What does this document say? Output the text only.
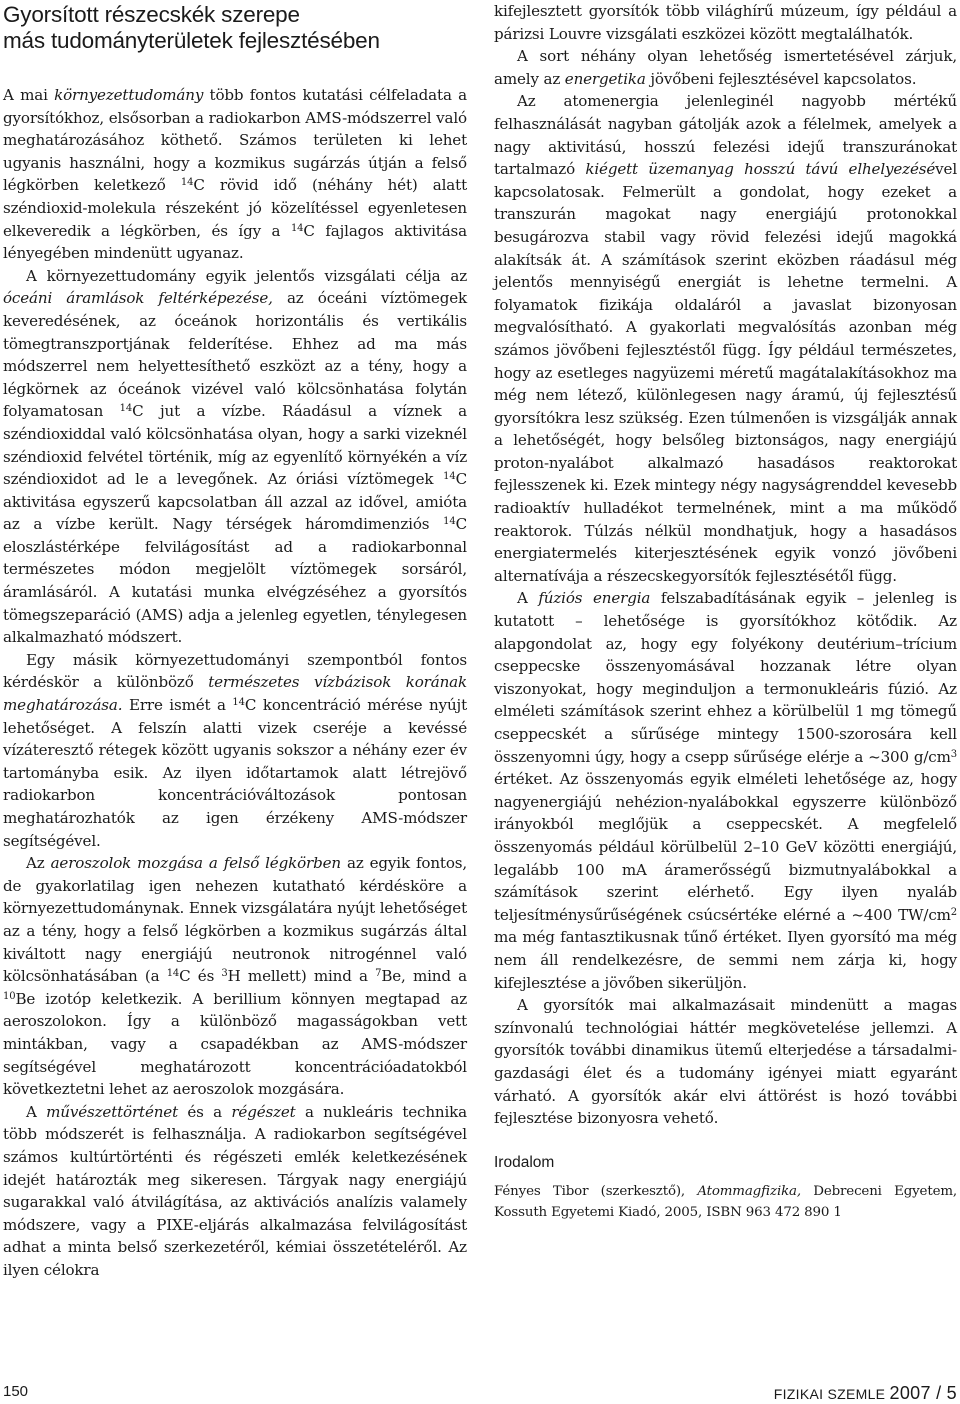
Gyorsított részecskék szerepe
más tudományterületek fejlesztésében

A mai környezettudomány több fontos kutatási célfeladata a gyorsítókhoz, elsősorban a radiokarbon AMS-módszerrel való meghatározásához köthető. Számos területen ki lehet ugyanis használni, hogy a kozmikus sugárzás útján a felső légkörben keletkező $^{14}$C rövid idő (néhány hét) alatt széndioxid-molekula részeként jó közelítéssel egyenletesen elkeveredik a légkörben, és így a $^{14}$C fajlagos aktivitása lényegében mindenütt ugyanaz.

A környezettudomány egyik jelentős vizsgálati célja az óceáni áramlások feltérképezése, az óceáni víztömegek keveredésének, az óceánok horizontális és vertikális tömegtranszportjának felderítése. Ehhez ad ma más módszerrel nem helyettesíthető eszközt az a tény, hogy a légkörnek az óceánok vizével való kölcsönhatása folytán folyamatosan $^{14}$C jut a vízbe. Ráadásul a víznek a széndioxiddal való kölcsönhatása olyan, hogy a sarki vizeknél széndioxid felvétel történik, míg az egyenlítő környékén a víz széndioxidot ad le a levegőnek. Az óriási víztömegek $^{14}$C aktivitása egyszerű kapcsolatban áll azzal az idővel, amióta az a vízbe került. Nagy térségek háromdimenziós $^{14}$C eloszlástérképe felvilágosítást ad a radiokarbonnal természetes módon megjelölt víztömegek sorsáról, áramlásáról. A kutatási munka elvégzéséhez a gyorsítós tömegszeparáció (AMS) adja a jelenleg egyetlen, ténylegesen alkalmazható módszert.

Egy másik környezettudományi szempontból fontos kérdéskör a különböző természetes vízbázisok korának meghatározása. Erre ismét a $^{14}$C koncentráció mérése nyújt lehetőséget. A felszín alatti vizek cseréje a kevéssé vízáteresztő rétegek között ugyanis sokszor a néhány ezer év tartományba esik. Az ilyen időtartamok alatt létrejövő radiokarbon koncentrációváltozások pontosan meghatározhatók az igen érzékeny AMS-módszer segítségével.

Az aeroszolok mozgása a felső légkörben az egyik fontos, de gyakorlatilag igen nehezen kutatható kérdésköre a környezettudománynak. Ennek vizsgálatára nyújt lehetőséget az a tény, hogy a felső légkörben a kozmikus sugárzás által kiváltott nagy energiájú neutronok nitrogénnel való kölcsönhatásában (a $^{14}$C és $^3$H mellett) mind a $^7$Be, mind a $^{10}$Be izotóp keletkezik. A berillium könnyen megtapad az aeroszolokon. Így a különböző magasságokban vett mintákban, vagy a csapadékban az AMS-módszer segítségével meghatározott koncentrációadatokból következtetni lehet az aeroszolok mozgására.

A művészettörténet és a régészet a nukleáris technika több módszerét is felhasználja. A radiokarbon segítségével számos kultúrtörténti és régészeti emlék keletkezésének idejét határozták meg sikeresen. Tárgyak nagy energiájú sugarakkal való átvilágítása, az aktivációs analízis valamely módszere, vagy a PIXE-eljárás alkalmazása felvilágosítást adhat a minta belső szerkezetéről, kémiai összetételéről. Az ilyen célokra

kifejlesztett gyorsítók több világhírű múzeum, így például a párizsi Louvre vizsgálati eszközei között megtalálhatók.

A sort néhány olyan lehetőség ismertetésével zárjuk, amely az energetika jövőbeni fejlesztésével kapcsolatos.

Az atomenergia jelenleginél nagyobb mértékű felhasználását nagyban gátolják azok a félelmek, amelyek a nagy aktivitású, hosszú felezési idejű transzuránokat tartalmazó kiégett üzemanyag hosszú távú elhelyezésével kapcsolatosak. Felmerült a gondolat, hogy ezeket a transzurán magokat nagy energiájú protonokkal besugározva stabil vagy rövid felezési idejű magokká alakítsák át. A számítások szerint eközben ráadásul még jelentős mennyiségű energiát is lehetne termelni. A folyamatok fizikája oldaláról a javaslat bizonyosan megvalósítható. A gyakorlati megvalósítás azonban még számos jövőbeni fejlesztéstől függ. Így például természetes, hogy az esetleges nagyüzemi méretű magátalakításokhoz ma még nem létező, különlegesen nagy áramú, új fejlesztésű gyorsítókra lesz szükség. Ezen túlmenően is vizsgálják annak a lehetőségét, hogy belsőleg biztonságos, nagy energiájú proton-nyalábot alkalmazó hasadásos reaktorokat fejlesszenek ki. Ezek mintegy négy nagyságrenddel kevesebb radioaktív hulladékot termelnének, mint a ma működő reaktorok. Túlzás nélkül mondhatjuk, hogy a hasadásos energiatermelés kiterjesztésének egyik vonzó jövőbeni alternatívája a részecskegyorsítók fejlesztésétől függ.

A fúziós energia felszabadításának egyik – jelenleg is kutatott – lehetősége is gyorsítókhoz kötődik. Az alapgondolat az, hogy egy folyékony deutérium–trícium cseppecske összenyomásával hozzanak létre olyan viszonyokat, hogy meginduljon a termonukleáris fúzió. Az elméleti számítások szerint ehhez a körülbelül 1 mg tömegű cseppecskét a sűrűsége mintegy 1500-szorosára kell összenyomni úgy, hogy a csepp sűrűsége elérje a ~300 $g/cm^3$ értéket. Az összenyomás egyik elméleti lehetősége az, hogy nagyenergiájú nehézion-nyalábokkal egyszerre különböző irányokból meglőjük a cseppecskét. A megfelelő összenyomás például körülbelül 2–10 GeV közötti energiájú, legalább 100 mA áramerősségű bizmutnyalábokkal a számítások szerint elérhető. Egy ilyen nyaláb teljesítménysűrűségének csúcsértéke elérné a ~400 $TW/cm^2$ ma még fantasztikusnak tűnő értéket. Ilyen gyorsító ma még nem áll rendelkezésre, de semmi nem zárja ki, hogy kifejlesztése a jövőben sikerüljön.

A gyorsítók mai alkalmazásait mindenütt a magas színvonalú technológiai háttér megkövetelése jellemzi. A gyorsítók további dinamikus ütemű elterjedése a társadalmi-gazdasági élet és a tudomány igényei miatt egyaránt várható. A gyorsítók akár elvi áttörést is hozó további fejlesztése bizonyosra vehető.

Irodalom

Fényes Tibor (szerkesztő), Atommagfizika, Debreceni Egyetem, Kossuth Egyetemi Kiadó, 2005, ISBN 963 472 890 1

150	FIZIKAI SZEMLE 2007 / 5
